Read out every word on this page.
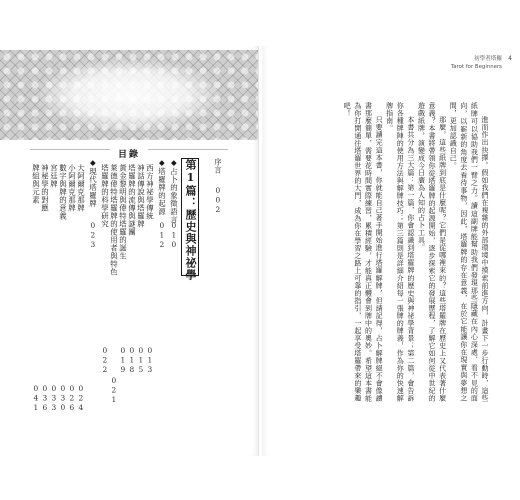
目錄
序言
002
第1篇：歷史與神祕學
◆占卜的象徵語言
010
◆塔羅牌的起源
012
西方神祕學傳統
013
神話傳說與塔羅牌
015
塔羅牌的流傳與謎團
018
黃金黎明與偉特塔羅的誕生
019
萊德偉特塔羅牌的使用者與特色
021
塔羅牌的科學研究
022
◆現代塔羅牌
023
大阿爾克那牌
024
小阿爾克那牌
026
數字與牌的意義
030
宮廷牌
033
神秘學的對應
036
牌組與元素
041
初學者塔羅
Tarot for Beginners
4

進而作出抉擇。假如我們在複雜的外部環境中摸索前進方向，計畫下一步行動時，這些紙牌可以協助我們一臂之力。讀這副牌能幫助我們發現那些隱藏在內心深處、看不見的面向，以嶄新的角度去看待事物，因此，塔羅牌的存在意義，在於它能讓你在現實與夢想之間，更加認識自己。

那麼，這些紙牌到底是什麼呢？它們是從哪裡來的？這些塔羅牌在歷史上又代表著什麼意義？本書將帶領你從塔羅牌的起源開始，逐步探索它的發展歷程，了解它如何從中世紀的遊戲紙牌，演變成今日廣為人知的占卜工具。

本書共分為三大篇：第一篇，你會認識到塔羅牌的歷史與神祕學背景；第二篇，會告訴你各種牌陣的使用方法與解牌技巧；第三篇則是詳細介紹每一張牌的牌義，作為你的快速解牌指南。

只要讀完這本書，你就能自己著手開始進行塔羅解牌，但請記得，占卜解牌絕不會像讀書那麼簡單，需要花時間實際練習，累積經驗，才能真正體會到牌中的奧妙。希望這本書能為你打開通往塔羅世界的大門，成為你在學習之路上可靠的指引，一起享受塔羅帶來的樂趣吧！
